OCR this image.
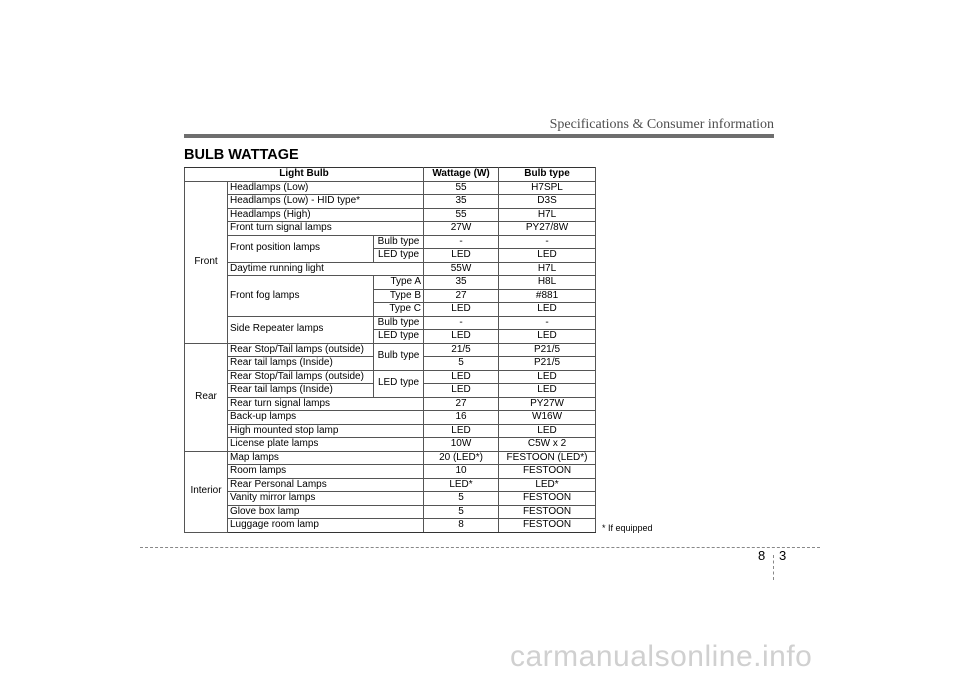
Specifications & Consumer information
BULB WATTAGE
Light Bulb			Wattage (W)	Bulb type
Front	Headlamps (Low)		55	H7SPL
	Headlamps (Low) - HID type*		35	D3S
	Headlamps (High)		55	H7L
	Front turn signal lamps		27W	PY27/8W
	Front position lamps	Bulb type	-	-
		LED type	LED	LED
	Daytime running light		55W	H7L
	Front fog lamps	Type A	35	H8L
		Type B	27	#881
		Type C	LED	LED
	Side Repeater lamps	Bulb type	-	-
		LED type	LED	LED
Rear	Rear Stop/Tail lamps (outside)	Bulb type	21/5	P21/5
	Rear tail lamps (Inside)		5	P21/5
	Rear Stop/Tail lamps (outside)	LED type	LED	LED
	Rear tail lamps (Inside)		LED	LED
	Rear turn signal lamps		27	PY27W
	Back-up lamps		16	W16W
	High mounted stop lamp		LED	LED
	License plate lamps		10W	C5W x 2
Interior	Map lamps		20 (LED*)	FESTOON (LED*)
	Room lamps		10	FESTOON
	Rear Personal Lamps		LED*	LED*
	Vanity mirror lamps		5	FESTOON
	Glove box lamp		5	FESTOON
	Luggage room lamp		8	FESTOON	* If equipped
8 3
carmanualsonline.info
